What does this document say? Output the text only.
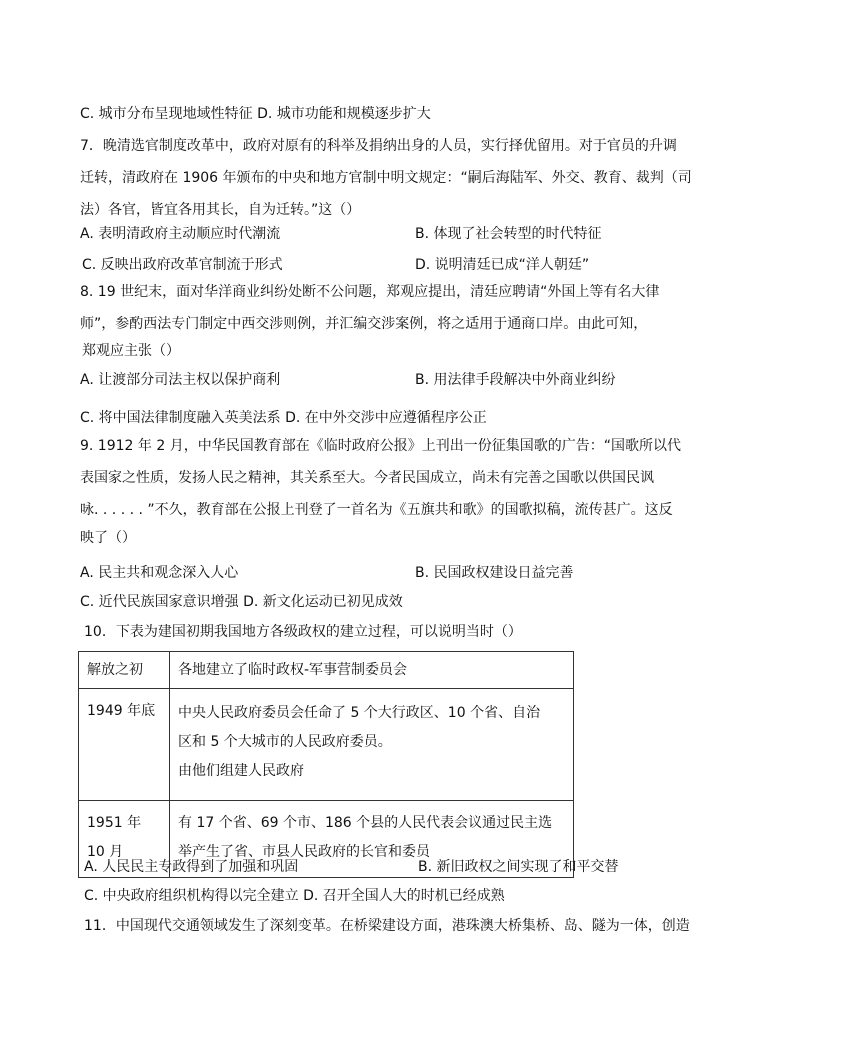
C. 城市分布呈现地域性特征 D. 城市功能和规模逐步扩大
7．晚清选官制度改革中，政府对原有的科举及捐纳出身的人员，实行择优留用。对于官员的升调
迁转，清政府在 1906 年颁布的中央和地方官制中明文规定：“嗣后海陆军、外交、教育、裁判（司
法）各官，皆宜各用其长，自为迁转。”这（）
A. 表明清政府主动顺应时代潮流	B. 体现了社会转型的时代特征
C. 反映出政府改革官制流于形式	D. 说明清廷已成“洋人朝廷”
8. 19 世纪末，面对华洋商业纠纷处断不公问题，郑观应提出，清廷应聘请“外国上等有名大律
师”，参酌西法专门制定中西交涉则例，并汇编交涉案例，将之适用于通商口岸。由此可知，
郑观应主张（）
A. 让渡部分司法主权以保护商利	B. 用法律手段解决中外商业纠纷
C. 将中国法律制度融入英美法系 D. 在中外交涉中应遵循程序公正
9. 1912 年 2 月，中华民国教育部在《临时政府公报》上刊出一份征集国歌的广告：“国歌所以代
表国家之性质，发扬人民之精神，其关系至大。今者民国成立，尚未有完善之国歌以供国民讽
咏. . . . . . ”不久，教育部在公报上刊登了一首名为《五旗共和歌》的国歌拟稿，流传甚广。这反
映了（）
A. 民主共和观念深入人心	B. 民国政权建设日益完善
C. 近代民族国家意识增强 D. 新文化运动已初见成效
10．下表为建国初期我国地方各级政权的建立过程，可以说明当时（）
解放之初	各地建立了临时政权-军事营制委员会

1949 年底	中央人民政府委员会任命了 5 个大行政区、10 个省、自治
区和 5 个大城市的人民政府委员。
由他们组建人民政府

1951 年
10 月	有 17 个省、69 个市、186 个县的人民代表会议通过民主选
举产生了省、市县人民政府的长官和委员
A. 人民民主专政得到了加强和巩固	B. 新旧政权之间实现了和平交替
C. 中央政府组织机构得以完全建立 D. 召开全国人大的时机已经成熟
11．中国现代交通领域发生了深刻变革。在桥梁建设方面，港珠澳大桥集桥、岛、隧为一体，创造
